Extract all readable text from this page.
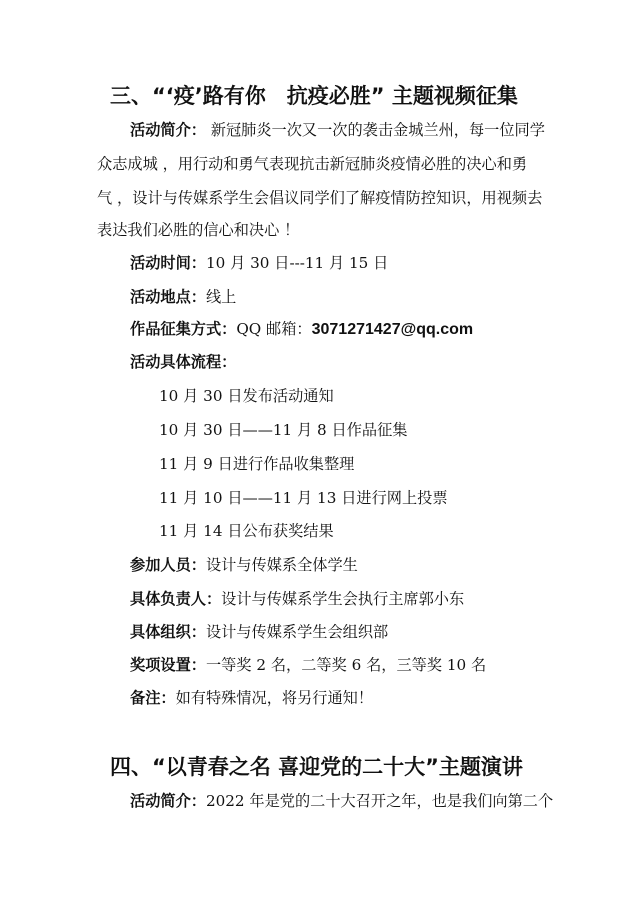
三、“‘疫’路有你　抗疫必胜” 主题视频征集

活动简介： 新冠肺炎一次又一次的袭击金城兰州，每一位同学

众志成城 ，用行动和勇气表现抗击新冠肺炎疫情必胜的决心和勇

气 ，设计与传媒系学生会倡议同学们了解疫情防控知识，用视频去

表达我们必胜的信心和决心 ！

活动时间：10 月 30 日---11 月 15 日

活动地点：线上

作品征集方式：QQ 邮箱：3071271427@qq.com

活动具体流程：

10 月 30 日发布活动通知

10 月 30 日——11 月 8 日作品征集

11 月 9 日进行作品收集整理

11 月 10 日——11 月 13 日进行网上投票

11 月 14 日公布获奖结果

参加人员：设计与传媒系全体学生

具体负责人：设计与传媒系学生会执行主席郭小东

具体组织：设计与传媒系学生会组织部

奖项设置：一等奖 2 名，二等奖 6 名，三等奖 10 名

备注：如有特殊情况，将另行通知！

四、“以青春之名 喜迎党的二十大”主题演讲

活动简介：2022 年是党的二十大召开之年，也是我们向第二个
